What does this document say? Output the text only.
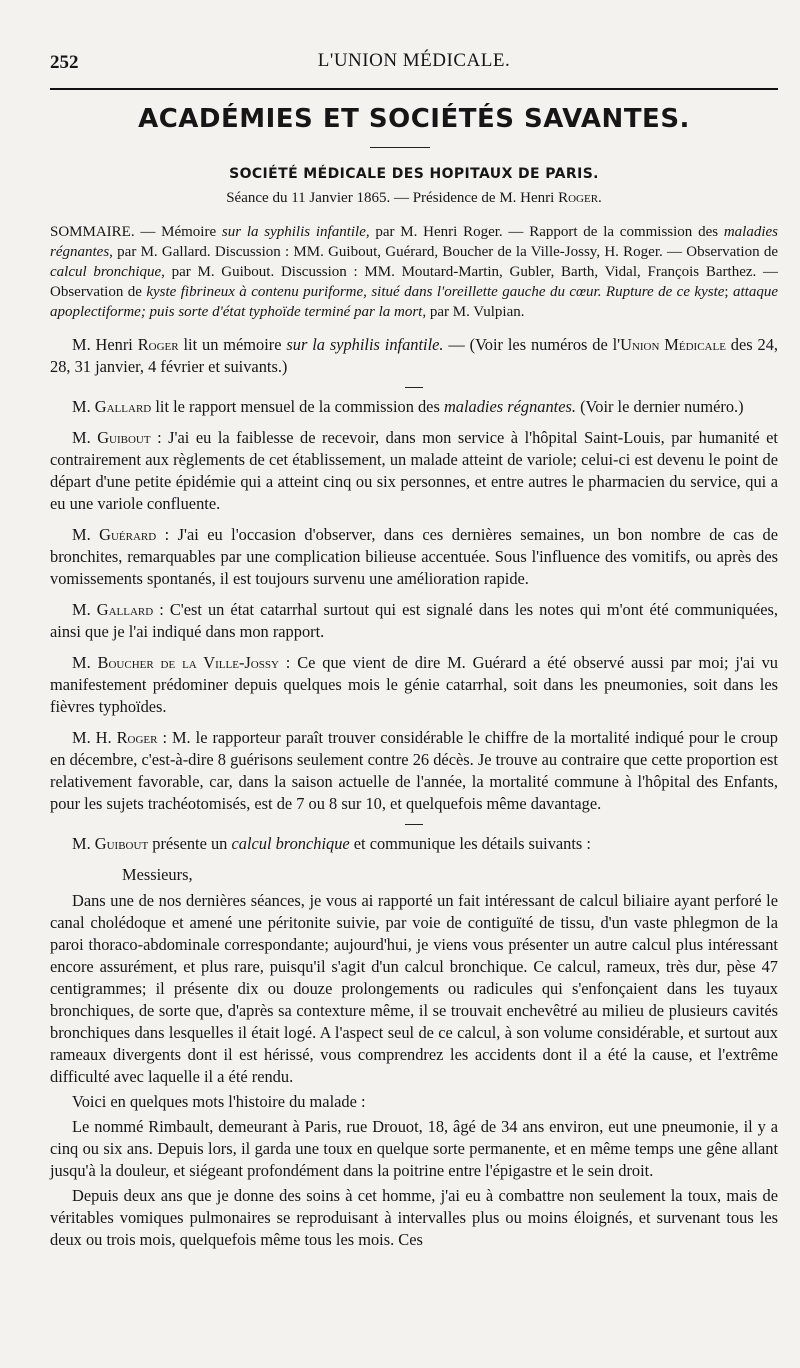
252	L'UNION MÉDICALE.
ACADÉMIES ET SOCIÉTÉS SAVANTES.
SOCIÉTÉ MÉDICALE DES HOPITAUX DE PARIS.
Séance du 11 Janvier 1865. — Présidence de M. Henri Roger.

SOMMAIRE. — Mémoire sur la syphilis infantile, par M. Henri Roger. — Rapport de la commission des maladies régnantes, par M. Gallard. Discussion : MM. Guibout, Guérard, Boucher de la Ville-Jossy, H. Roger. — Observation de calcul bronchique, par M. Guibout. Discussion : MM. Moutard-Martin, Gubler, Barth, Vidal, François Barthez. — Observation de kyste fibrineux à contenu puriforme, situé dans l'oreillette gauche du cœur. Rupture de ce kyste; attaque apoplectiforme; puis sorte d'état typhoïde terminé par la mort, par M. Vulpian.

M. Henri Roger lit un mémoire sur la syphilis infantile. — (Voir les numéros de l'Union Médicale des 24, 28, 31 janvier, 4 février et suivants.)

M. Gallard lit le rapport mensuel de la commission des maladies régnantes. (Voir le dernier numéro.)

M. Guibout : J'ai eu la faiblesse de recevoir, dans mon service à l'hôpital Saint-Louis, par humanité et contrairement aux règlements de cet établissement, un malade atteint de variole; celui-ci est devenu le point de départ d'une petite épidémie qui a atteint cinq ou six personnes, et entre autres le pharmacien du service, qui a eu une variole confluente.

M. Guérard : J'ai eu l'occasion d'observer, dans ces dernières semaines, un bon nombre de cas de bronchites, remarquables par une complication bilieuse accentuée. Sous l'influence des vomitifs, ou après des vomissements spontanés, il est toujours survenu une amélioration rapide.

M. Gallard : C'est un état catarrhal surtout qui est signalé dans les notes qui m'ont été communiquées, ainsi que je l'ai indiqué dans mon rapport.

M. Boucher de la Ville-Jossy : Ce que vient de dire M. Guérard a été observé aussi par moi; j'ai vu manifestement prédominer depuis quelques mois le génie catarrhal, soit dans les pneumonies, soit dans les fièvres typhoïdes.

M. H. Roger : M. le rapporteur paraît trouver considérable le chiffre de la mortalité indiqué pour le croup en décembre, c'est-à-dire 8 guérisons seulement contre 26 décès. Je trouve au contraire que cette proportion est relativement favorable, car, dans la saison actuelle de l'année, la mortalité commune à l'hôpital des Enfants, pour les sujets trachéotomisés, est de 7 ou 8 sur 10, et quelquefois même davantage.

M. Guibout présente un calcul bronchique et communique les détails suivants :

Messieurs,

Dans une de nos dernières séances, je vous ai rapporté un fait intéressant de calcul biliaire ayant perforé le canal cholédoque et amené une péritonite suivie, par voie de contiguïté de tissu, d'un vaste phlegmon de la paroi thoraco-abdominale correspondante; aujourd'hui, je viens vous présenter un autre calcul plus intéressant encore assurément, et plus rare, puisqu'il s'agit d'un calcul bronchique. Ce calcul, rameux, très dur, pèse 47 centigrammes; il présente dix ou douze prolongements ou radicules qui s'enfonçaient dans les tuyaux bronchiques, de sorte que, d'après sa contexture même, il se trouvait enchevêtré au milieu de plusieurs cavités bronchiques dans lesquelles il était logé. A l'aspect seul de ce calcul, à son volume considérable, et surtout aux rameaux divergents dont il est hérissé, vous comprendrez les accidents dont il a été la cause, et l'extrême difficulté avec laquelle il a été rendu.

Voici en quelques mots l'histoire du malade :

Le nommé Rimbault, demeurant à Paris, rue Drouot, 18, âgé de 34 ans environ, eut une pneumonie, il y a cinq ou six ans. Depuis lors, il garda une toux en quelque sorte permanente, et en même temps une gêne allant jusqu'à la douleur, et siégeant profondément dans la poitrine entre l'épigastre et le sein droit.

Depuis deux ans que je donne des soins à cet homme, j'ai eu à combattre non seulement la toux, mais de véritables vomiques pulmonaires se reproduisant à intervalles plus ou moins éloignés, et survenant tous les deux ou trois mois, quelquefois même tous les mois. Ces
